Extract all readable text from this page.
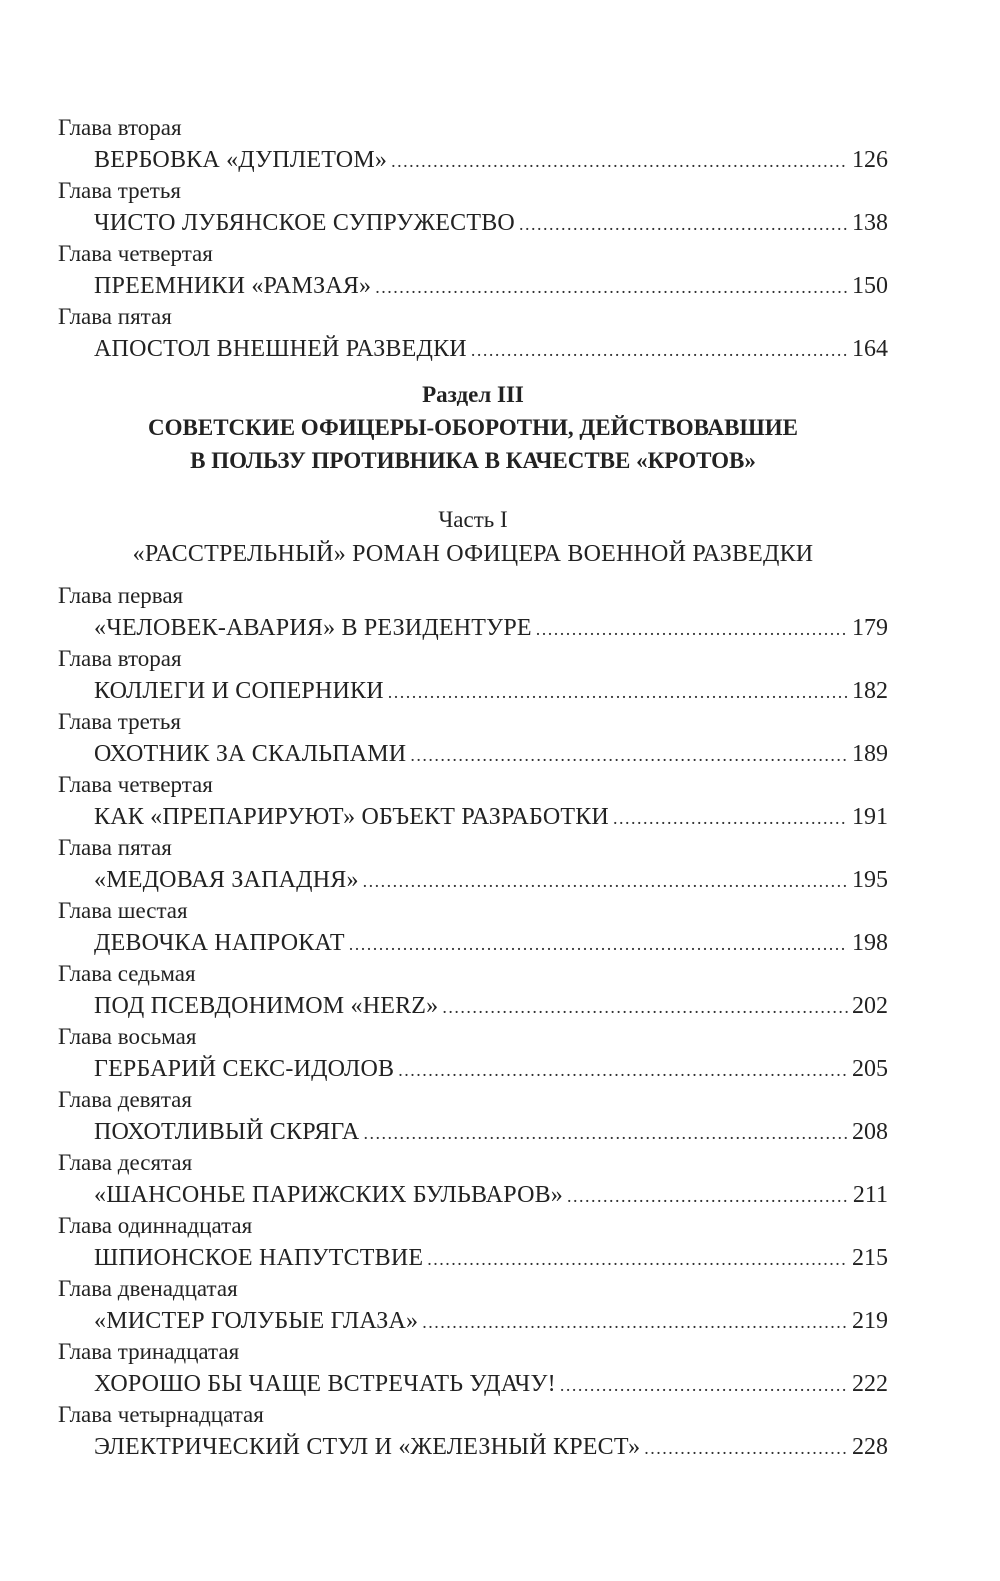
Глава вторая
ВЕРБОВКА «ДУПЛЕТОМ» .....	126
Глава третья
ЧИСТО ЛУБЯНСКОЕ СУПРУЖЕСТВО .....	138
Глава четвертая
ПРЕЕМНИКИ «РАМЗАЯ» .....	150
Глава пятая
АПОСТОЛ ВНЕШНЕЙ РАЗВЕДКИ .....	164
Раздел III
СОВЕТСКИЕ ОФИЦЕРЫ-ОБОРОТНИ, ДЕЙСТВОВАВШИЕ
В ПОЛЬЗУ ПРОТИВНИКА В КАЧЕСТВЕ «КРОТОВ»
Часть I
«РАССТРЕЛЬНЫЙ» РОМАН ОФИЦЕРА ВОЕННОЙ РАЗВЕДКИ
Глава первая
«ЧЕЛОВЕК-АВАРИЯ» В РЕЗИДЕНТУРЕ .....	179
Глава вторая
КОЛЛЕГИ И СОПЕРНИКИ .....	182
Глава третья
ОХОТНИК ЗА СКАЛЬПАМИ .....	189
Глава четвертая
КАК «ПРЕПАРИРУЮТ» ОБЪЕКТ РАЗРАБОТКИ .....	191
Глава пятая
«МЕДОВАЯ ЗАПАДНЯ» .....	195
Глава шестая
ДЕВОЧКА НАПРОКАТ .....	198
Глава седьмая
ПОД ПСЕВДОНИМОМ «HERZ» .....	202
Глава восьмая
ГЕРБАРИЙ СЕКС-ИДОЛОВ .....	205
Глава девятая
ПОХОТЛИВЫЙ СКРЯГА .....	208
Глава десятая
«ШАНСОНЬЕ ПАРИЖСКИХ БУЛЬВАРОВ» .....	211
Глава одиннадцатая
ШПИОНСКОЕ НАПУТСТВИЕ .....	215
Глава двенадцатая
«МИСТЕР ГОЛУБЫЕ ГЛАЗА» .....	219
Глава тринадцатая
ХОРОШО БЫ ЧАЩЕ ВСТРЕЧАТЬ УДАЧУ! .....	222
Глава четырнадцатая
ЭЛЕКТРИЧЕСКИЙ СТУЛ И «ЖЕЛЕЗНЫЙ КРЕСТ» .....	228
